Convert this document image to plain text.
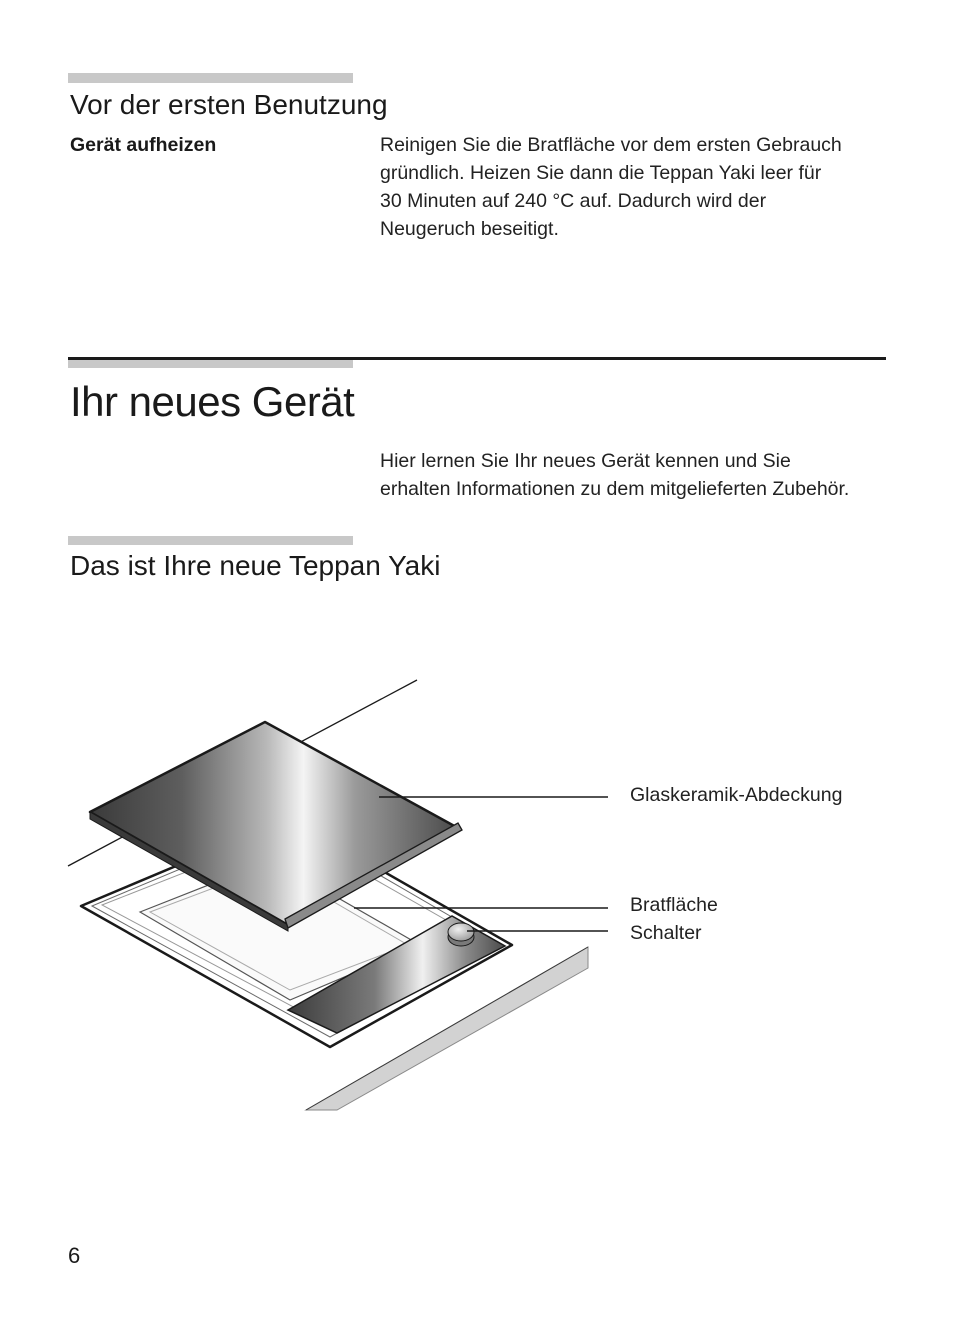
Vor der ersten Benutzung
Gerät aufheizen	Reinigen Sie die Bratfläche vor dem ersten Gebrauch
gründlich. Heizen Sie dann die Teppan Yaki leer für
30 Minuten auf 240 °C auf. Dadurch wird der
Neugeruch beseitigt.
Ihr neues Gerät
Hier lernen Sie Ihr neues Gerät kennen und Sie
erhalten Informationen zu dem mitgelieferten Zubehör.
Das ist Ihre neue Teppan Yaki
Glaskeramik-Abdeckung
Bratfläche
Schalter
6
